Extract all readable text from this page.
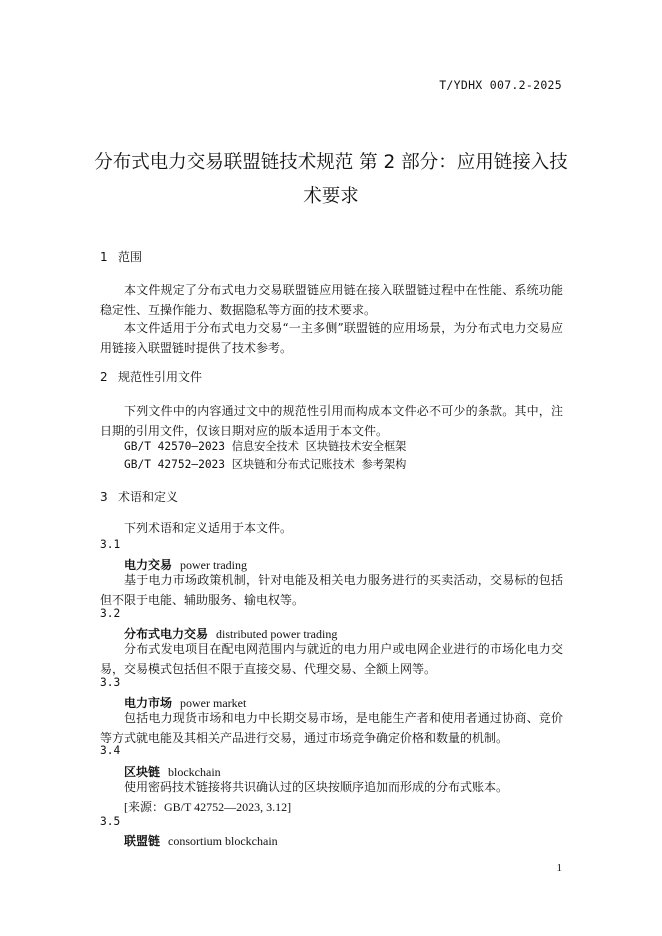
T/YDHX 007.2-2025
分布式电力交易联盟链技术规范 第 2 部分：应用链接入技
术要求
1 范围
本文件规定了分布式电力交易联盟链应用链在接入联盟链过程中在性能、系统功能稳定性、互操作能力、数据隐私等方面的技术要求。
本文件适用于分布式电力交易“一主多侧”联盟链的应用场景，为分布式电力交易应用链接入联盟链时提供了技术参考。
2 规范性引用文件
下列文件中的内容通过文中的规范性引用而构成本文件必不可少的条款。其中，注日期的引用文件，仅该日期对应的版本适用于本文件。
GB/T 42570—2023 信息安全技术 区块链技术安全框架
GB/T 42752—2023 区块链和分布式记账技术 参考架构
3 术语和定义
下列术语和定义适用于本文件。
3.1
电力交易 power trading
基于电力市场政策机制，针对电能及相关电力服务进行的买卖活动，交易标的包括但不限于电能、辅助服务、输电权等。
3.2
分布式电力交易 distributed power trading
分布式发电项目在配电网范围内与就近的电力用户或电网企业进行的市场化电力交易，交易模式包括但不限于直接交易、代理交易、全额上网等。
3.3
电力市场 power market
包括电力现货市场和电力中长期交易市场，是电能生产者和使用者通过协商、竞价等方式就电能及其相关产品进行交易，通过市场竞争确定价格和数量的机制。
3.4
区块链 blockchain
使用密码技术链接将共识确认过的区块按顺序追加而形成的分布式账本。
[来源：GB/T 42752—2023, 3.12]
3.5
联盟链 consortium blockchain
1
